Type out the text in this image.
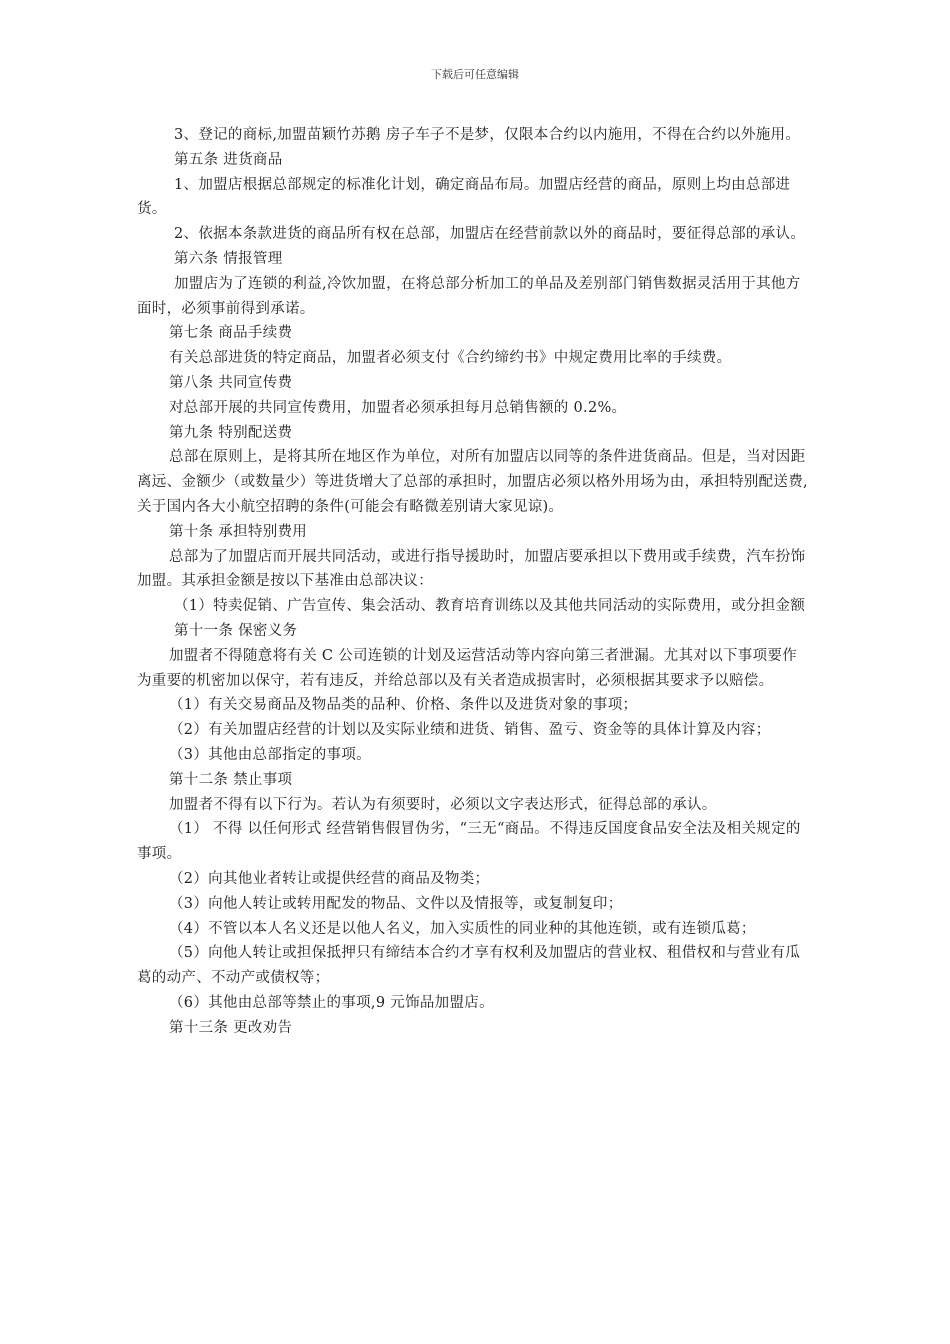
下载后可任意编辑

3、登记的商标,加盟苗颖竹苏鹅 房子车子不是梦，仅限本合约以内施用，不得在合约以外施用。

第五条 进货商品

1、加盟店根据总部规定的标准化计划，确定商品布局。加盟店经营的商品，原则上均由总部进货。

2、依据本条款进货的商品所有权在总部，加盟店在经营前款以外的商品时，要征得总部的承认。

第六条 情报管理

加盟店为了连锁的利益,冷饮加盟，在将总部分析加工的单品及差别部门销售数据灵活用于其他方面时，必须事前得到承诺。

第七条 商品手续费

有关总部进货的特定商品，加盟者必须支付《合约缔约书》中规定费用比率的手续费。

第八条 共同宣传费

对总部开展的共同宣传费用，加盟者必须承担每月总销售额的 0.2%。

第九条 特别配送费

总部在原则上，是将其所在地区作为单位，对所有加盟店以同等的条件进货商品。但是，当对因距离远、金额少（或数量少）等进货增大了总部的承担时，加盟店必须以格外用场为由，承担特别配送费,关于国内各大小航空招聘的条件(可能会有略微差别请大家见谅)。

第十条 承担特别费用

总部为了加盟店而开展共同活动，或进行指导援助时，加盟店要承担以下费用或手续费，汽车扮饰加盟。其承担金额是按以下基准由总部决议：

（1）特卖促销、广告宣传、集会活动、教育培育训练以及其他共同活动的实际费用，或分担金额

第十一条 保密义务

加盟者不得随意将有关 C 公司连锁的计划及运营活动等内容向第三者泄漏。尤其对以下事项要作为重要的机密加以保守，若有违反，并给总部以及有关者造成损害时，必须根据其要求予以赔偿。

（1）有关交易商品及物品类的品种、价格、条件以及进货对象的事项；

（2）有关加盟店经营的计划以及实际业绩和进货、销售、盈亏、资金等的具体计算及内容；

（3）其他由总部指定的事项。

第十二条 禁止事项

加盟者不得有以下行为。若认为有须要时，必须以文字表达形式，征得总部的承认。

（1） 不得 以任何形式 经营销售假冒伪劣，“三无“商品。不得违反国度食品安全法及相关规定的事项。

（2）向其他业者转让或提供经营的商品及物类；

（3）向他人转让或转用配发的物品、文件以及情报等，或复制复印；

（4）不管以本人名义还是以他人名义，加入实质性的同业种的其他连锁，或有连锁瓜葛；

（5）向他人转让或担保抵押只有缔结本合约才享有权利及加盟店的营业权、租借权和与营业有瓜葛的动产、不动产或债权等；

（6）其他由总部等禁止的事项,9 元饰品加盟店。

第十三条 更改劝告
